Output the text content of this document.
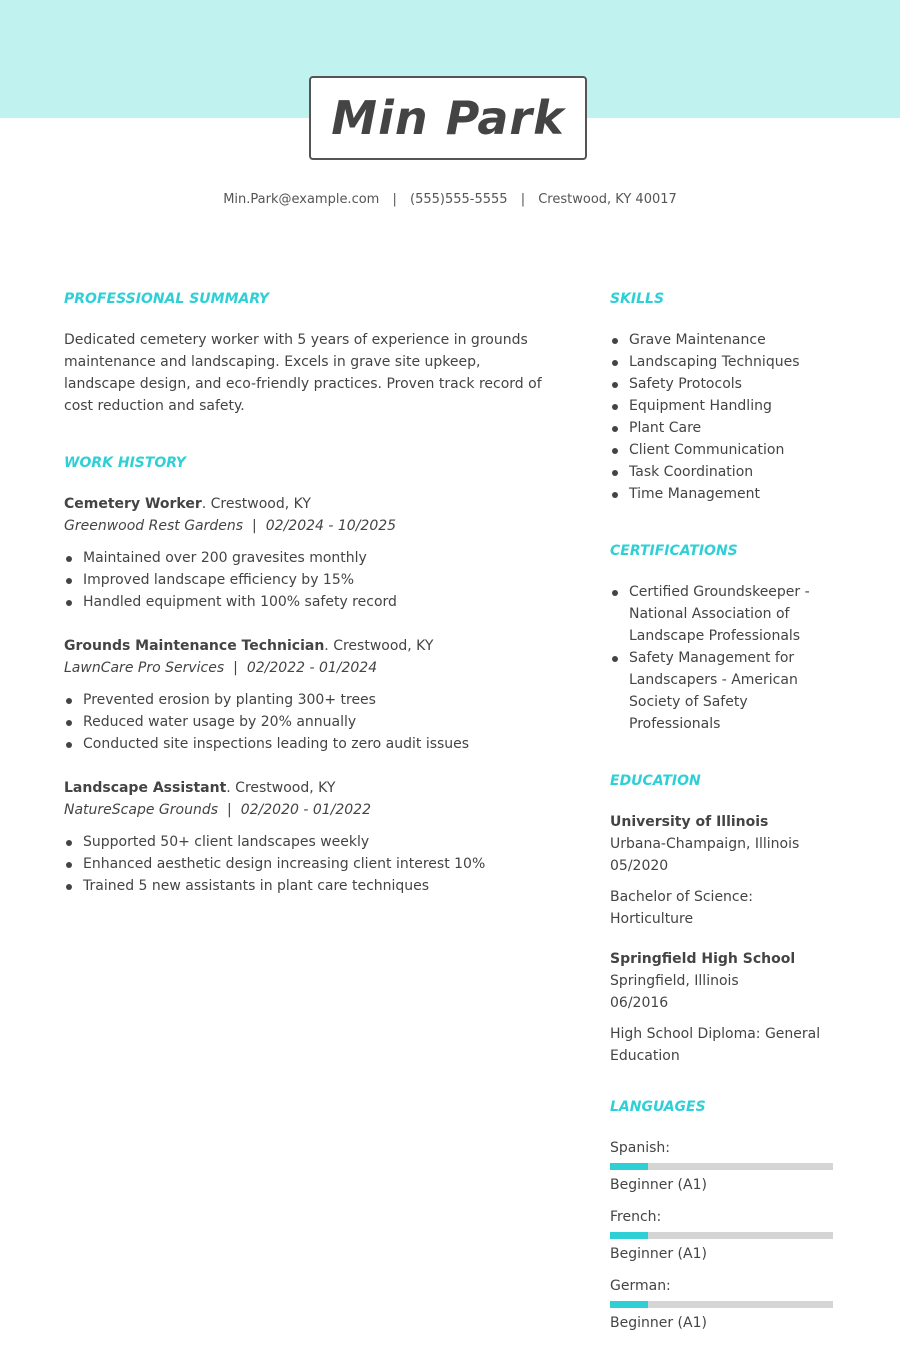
Min Park
Min.Park@example.com | (555)555-5555 | Crestwood, KY 40017
PROFESSIONAL SUMMARY

Dedicated cemetery worker with 5 years of experience in grounds maintenance and landscaping. Excels in grave site upkeep, landscape design, and eco-friendly practices. Proven track record of cost reduction and safety.

WORK HISTORY
Cemetery Worker. Crestwood, KY
Greenwood Rest Gardens | 02/2024 - 10/2025
Maintained over 200 gravesites monthly
Improved landscape efficiency by 15%
Handled equipment with 100% safety record
Grounds Maintenance Technician. Crestwood, KY
LawnCare Pro Services | 02/2022 - 01/2024
Prevented erosion by planting 300+ trees
Reduced water usage by 20% annually
Conducted site inspections leading to zero audit issues
Landscape Assistant. Crestwood, KY
NatureScape Grounds | 02/2020 - 01/2022
Supported 50+ client landscapes weekly
Enhanced aesthetic design increasing client interest 10%
Trained 5 new assistants in plant care techniques
SKILLS
Grave Maintenance
Landscaping Techniques
Safety Protocols
Equipment Handling
Plant Care
Client Communication
Task Coordination
Time Management
CERTIFICATIONS
Certified Groundskeeper - National Association of Landscape Professionals
Safety Management for Landscapers - American Society of Safety Professionals
EDUCATION
University of Illinois
Urbana-Champaign, Illinois
05/2020
Bachelor of Science: Horticulture
Springfield High School
Springfield, Illinois
06/2016
High School Diploma: General Education
LANGUAGES
Spanish:
Beginner (A1)
French:
Beginner (A1)
German:
Beginner (A1)
